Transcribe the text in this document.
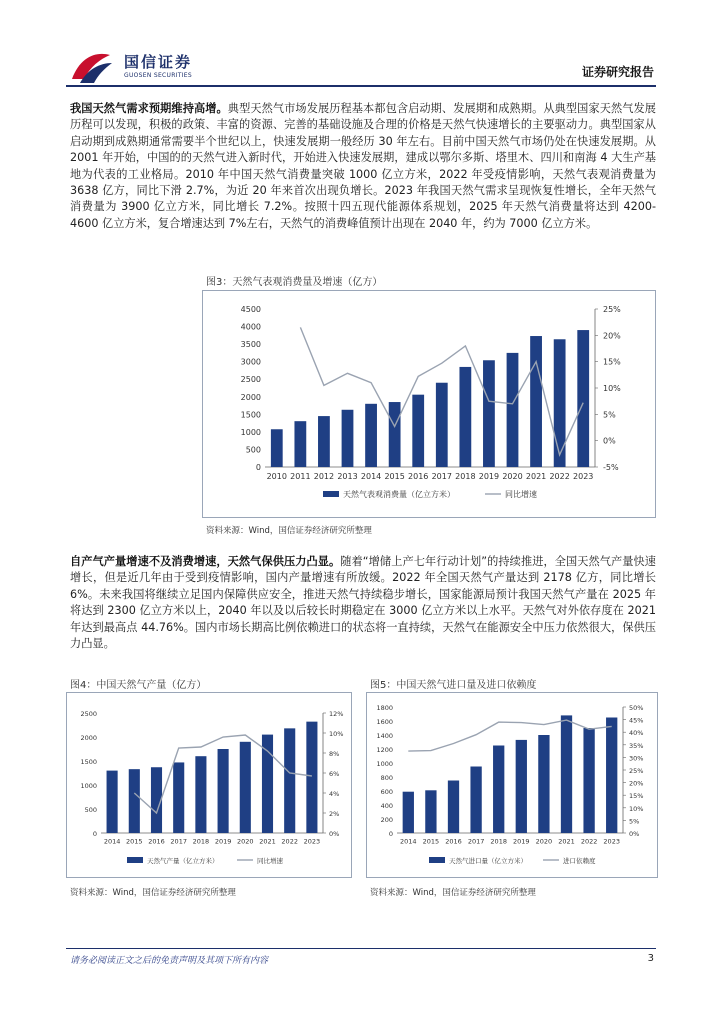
国信证券
GUOSEN SECURITIES	证券研究报告
我国天然气需求预期维持高增。典型天然气市场发展历程基本都包含启动期、发展期和成熟期。从典型国家天然气发展历程可以发现，积极的政策、丰富的资源、完善的基础设施及合理的价格是天然气快速增长的主要驱动力。典型国家从启动期到成熟期通常需要半个世纪以上，快速发展期一般经历 30 年左右。目前中国天然气市场仍处在快速发展期。从 2001 年开始，中国的的天然气进入新时代，开始进入快速发展期，建成以鄂尔多斯、塔里木、四川和南海 4 大生产基地为代表的工业格局。2010 年中国天然气消费量突破 1000 亿立方米，2022 年受疫情影响，天然气表观消费量为 3638 亿方，同比下滑 2.7%，为近 20 年来首次出现负增长。2023 年我国天然气需求呈现恢复性增长，全年天然气消费量为 3900 亿立方米，同比增长 7.2%。按照十四五现代能源体系规划，2025 年天然气消费量将达到 4200-4600 亿立方米，复合增速达到 7%左右，天然气的消费峰值预计出现在 2040 年，约为 7000 亿立方米。
图3：天然气表观消费量及增速（亿方）
0
500
1000
1500
2000
2500
3000
3500
4000
4500
-5%
0%
5%
10%
15%
20%
25%
2010 2011 2012 2013 2014 2015 2016 2017 2018 2019 2020 2021 2022 2023
天然气表观消费量（亿立方米）	同比增速
资料来源：Wind，国信证券经济研究所整理
自产气产量增速不及消费增速，天然气保供压力凸显。随着“增储上产七年行动计划”的持续推进，全国天然气产量快速增长，但是近几年由于受到疫情影响，国内产量增速有所放缓。2022 年全国天然气产量达到 2178 亿方，同比增长 6%。未来我国将继续立足国内保障供应安全，推进天然气持续稳步增长，国家能源局预计我国天然气产量在 2025 年将达到 2300 亿立方米以上，2040 年以及以后较长时期稳定在 3000 亿立方米以上水平。天然气对外依存度在 2021 年达到最高点 44.76%。国内市场长期高比例依赖进口的状态将一直持续，天然气在能源安全中压力依然很大，保供压力凸显。
图4：中国天然气产量（亿方）
0
500
1000
1500
2000
2500
0%
2%
4%
6%
8%
10%
12%
2014 2015 2016 2017 2018 2019 2020 2021 2022 2023
天然气产量（亿立方米）	同比增速
资料来源：Wind，国信证券经济研究所整理
图5：中国天然气进口量及进口依赖度
0
200
400
600
800
1000
1200
1400
1600
1800
0%
5%
10%
15%
20%
25%
30%
35%
40%
45%
50%
2014 2015 2016 2017 2018 2019 2020 2021 2022 2023
天然气进口量（亿立方米）	进口依赖度
资料来源：Wind，国信证券经济研究所整理
请务必阅读正文之后的免责声明及其项下所有内容	3
